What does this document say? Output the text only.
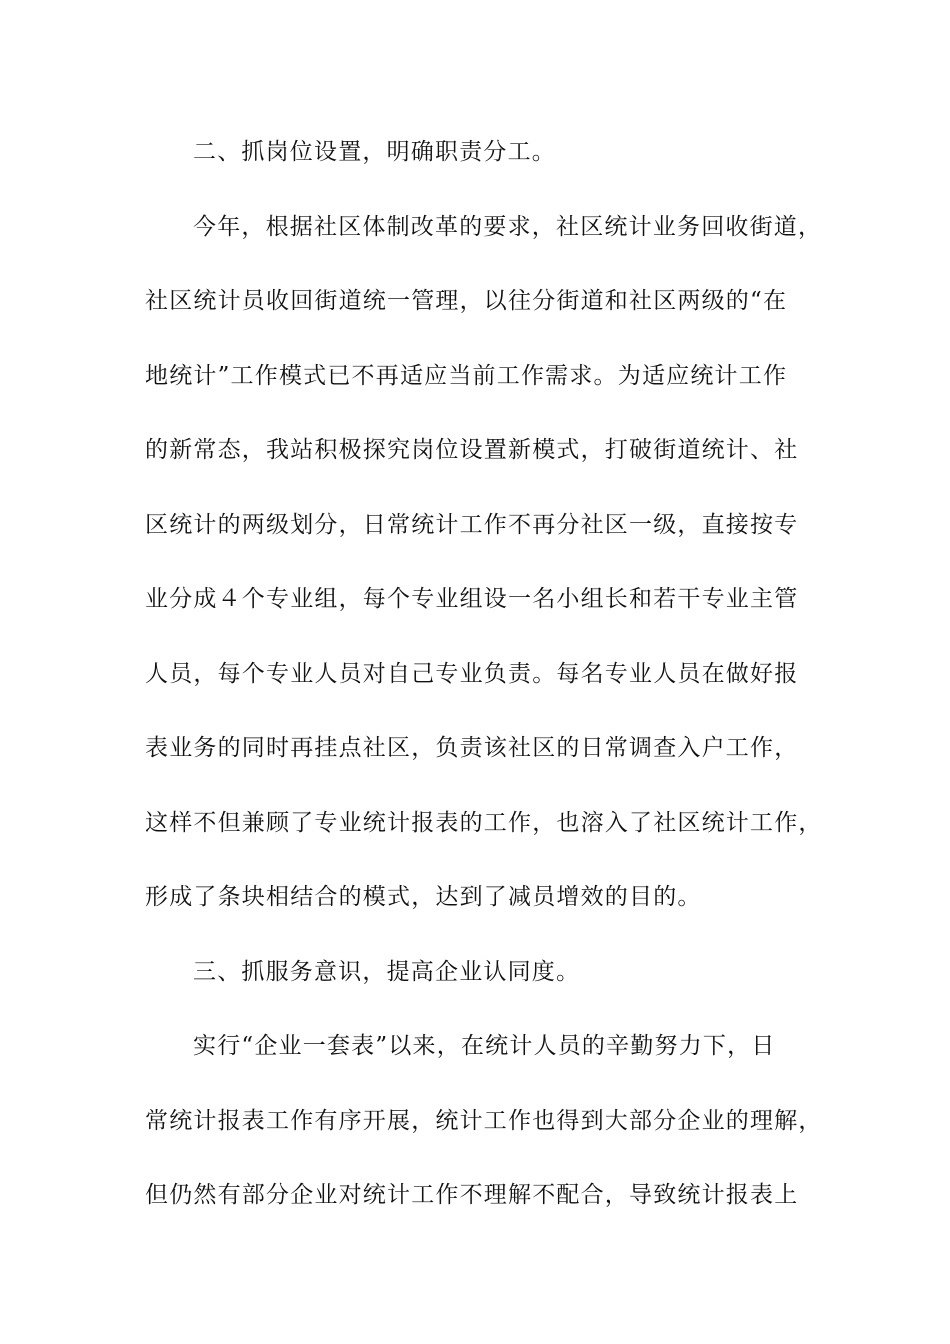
二、抓岗位设置，明确职责分工。
今年，根据社区体制改革的要求，社区统计业务回收街道，
社区统计员收回街道统一管理，以往分街道和社区两级的“在
地统计”工作模式已不再适应当前工作需求。为适应统计工作
的新常态，我站积极探究岗位设置新模式，打破街道统计、社
区统计的两级划分，日常统计工作不再分社区一级，直接按专
业分成４个专业组，每个专业组设一名小组长和若干专业主管
人员，每个专业人员对自己专业负责。每名专业人员在做好报
表业务的同时再挂点社区，负责该社区的日常调查入户工作，
这样不但兼顾了专业统计报表的工作，也溶入了社区统计工作，
形成了条块相结合的模式，达到了减员增效的目的。
三、抓服务意识，提高企业认同度。
实行“企业一套表”以来，在统计人员的辛勤努力下，日
常统计报表工作有序开展，统计工作也得到大部分企业的理解，
但仍然有部分企业对统计工作不理解不配合，导致统计报表上
